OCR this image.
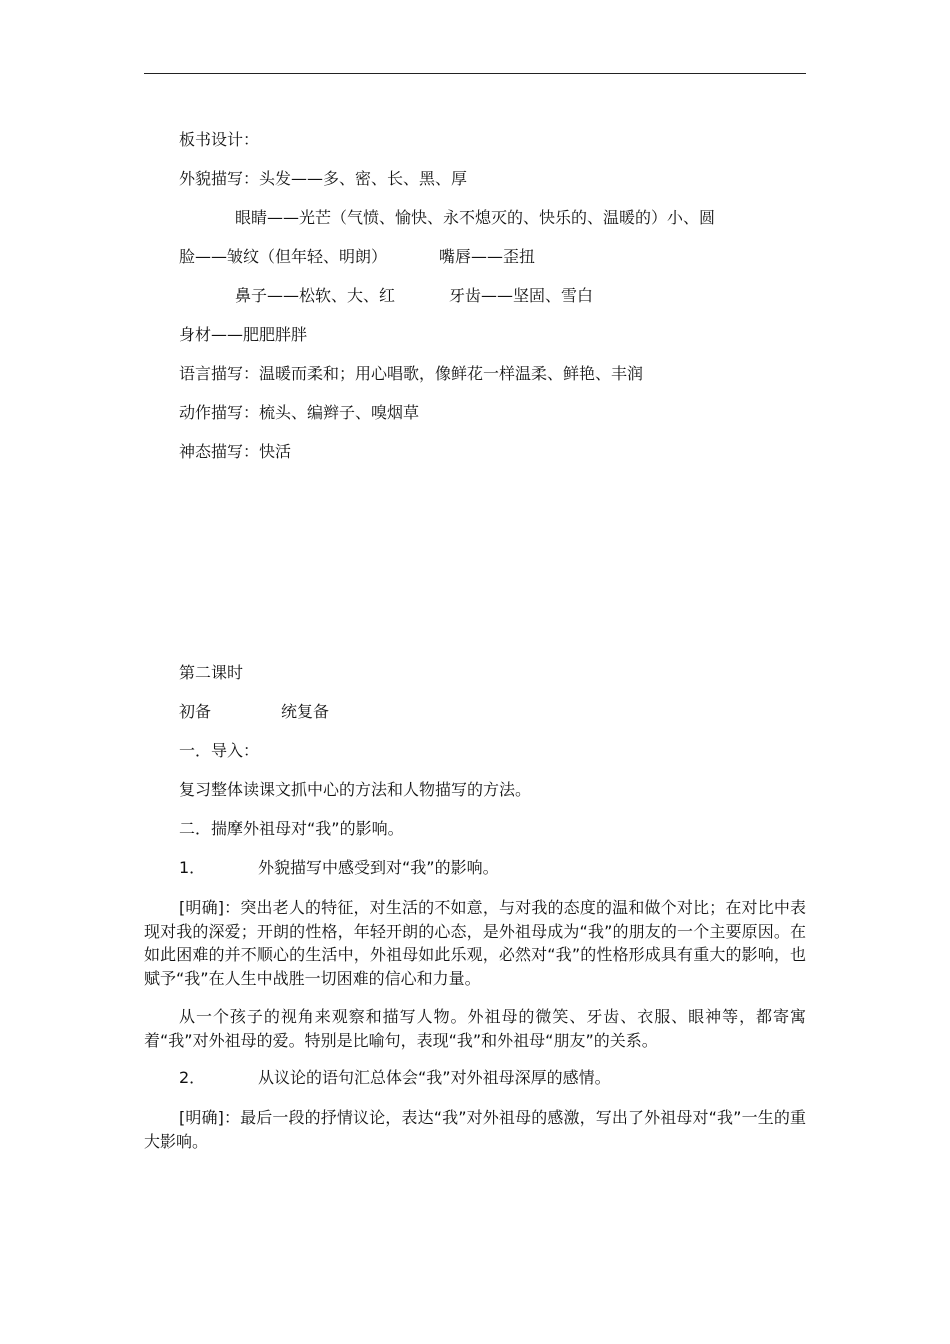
板书设计：
外貌描写：头发——多、密、长、黑、厚
眼睛——光芒（气愤、愉快、永不熄灭的、快乐的、温暖的）小、圆
脸——皱纹（但年轻、明朗）	嘴唇——歪扭
鼻子——松软、大、红	牙齿——坚固、雪白
身材——肥肥胖胖
语言描写：温暖而柔和；用心唱歌，像鲜花一样温柔、鲜艳、丰润
动作描写：梳头、编辫子、嗅烟草
神态描写：快活
第二课时
初备	统复备
一．导入：
复习整体读课文抓中心的方法和人物描写的方法。
二．揣摩外祖母对“我”的影响。
1．	外貌描写中感受到对“我”的影响。
[明确]：突出老人的特征，对生活的不如意，与对我的态度的温和做个对比；在对比中表现对我的深爱；开朗的性格，年轻开朗的心态，是外祖母成为“我”的朋友的一个主要原因。在如此困难的并不顺心的生活中，外祖母如此乐观，必然对“我”的性格形成具有重大的影响，也赋予“我”在人生中战胜一切困难的信心和力量。
从一个孩子的视角来观察和描写人物。外祖母的微笑、牙齿、衣服、眼神等，都寄寓着“我”对外祖母的爱。特别是比喻句，表现“我”和外祖母“朋友”的关系。
2．	从议论的语句汇总体会“我”对外祖母深厚的感情。
[明确]：最后一段的抒情议论，表达“我”对外祖母的感激，写出了外祖母对“我”一生的重大影响。
